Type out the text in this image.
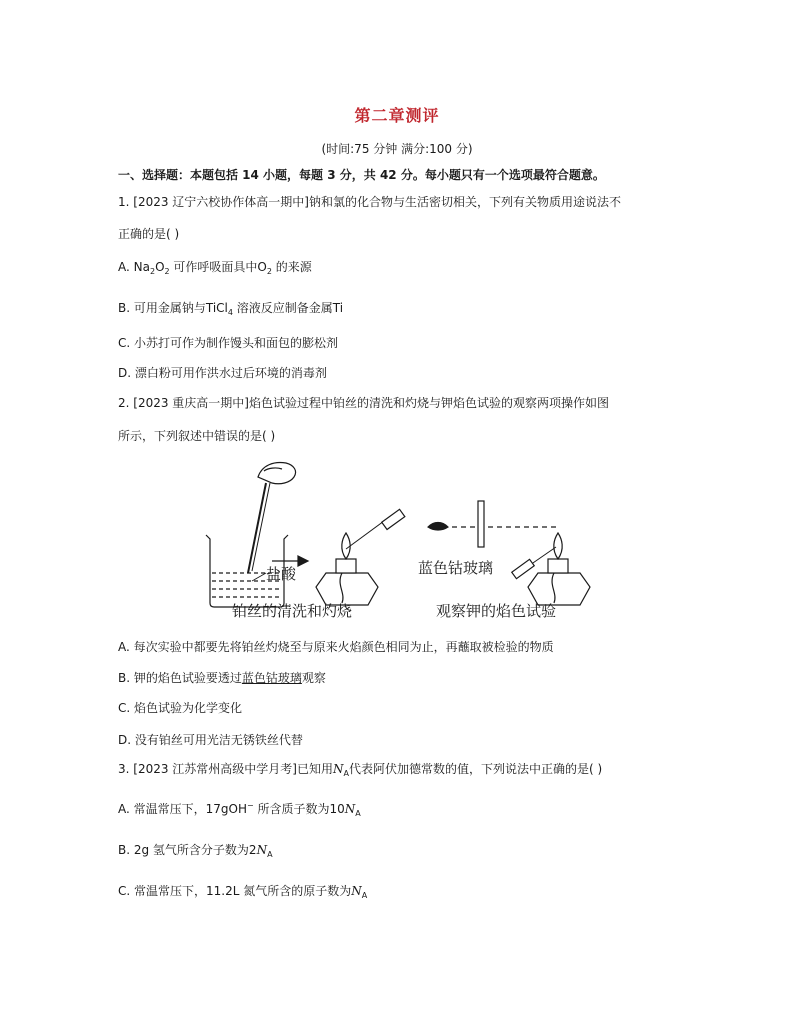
第二章测评
(时间:75 分钟 满分:100 分)
一、选择题：本题包括 14 小题，每题 3 分，共 42 分。每小题只有一个选项最符合题意。
1. [2023 辽宁六校协作体高一期中]钠和氯的化合物与生活密切相关，下列有关物质用途说法不
正确的是( )
A. $Na_2O_2$ 可作呼吸面具中$O_2$ 的来源
B. 可用金属钠与TiCl$_4$ 溶液反应制备金属Ti
C. 小苏打可作为制作馒头和面包的膨松剂
D. 漂白粉可用作洪水过后环境的消毒剂
2. [2023 重庆高一期中]焰色试验过程中铂丝的清洗和灼烧与钾焰色试验的观察两项操作如图
所示，下列叙述中错误的是( )
盐酸	蓝色钴玻璃
铂丝的清洗和灼烧	观察钾的焰色试验
A. 每次实验中都要先将铂丝灼烧至与原来火焰颜色相同为止，再蘸取被检验的物质
B. 钾的焰色试验要透过蓝色钴玻璃观察
C. 焰色试验为化学变化
D. 没有铂丝可用光洁无锈铁丝代替
3. [2023 江苏常州高级中学月考]已知用$N_A$代表阿伏加德常数的值，下列说法中正确的是( )
A. 常温常压下，17gOH− 所含质子数为$10N_A$
B. 2g 氢气所含分子数为$2N_A$
C. 常温常压下，11.2L 氮气所含的原子数为$N_A$
